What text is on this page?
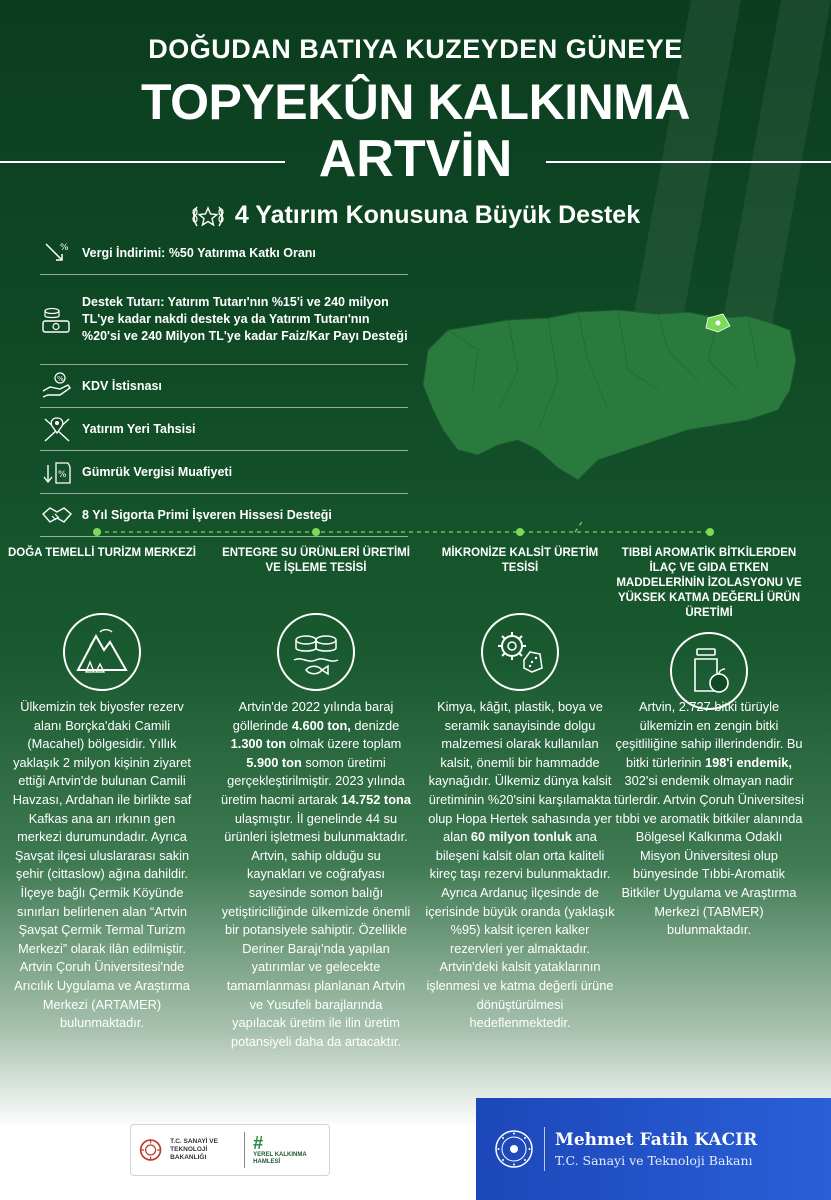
DOĞUDAN BATIYA KUZEYDEN GÜNEYE
TOPYEKÛN KALKINMA
ARTVİN
4 Yatırım Konusuna Büyük Destek
% Vergi İndirimi: %50 Yatırıma Katkı Oranı
Destek Tutarı: Yatırım Tutarı'nın %15'i ve 240 milyon TL'ye kadar nakdi destek ya da Yatırım Tutarı'nın %20'si ve 240 Milyon TL'ye kadar Faiz/Kar Payı Desteği
% KDV İstisnası
Yatırım Yeri Tahsisi
% Gümrük Vergisi Muafiyeti
8 Yıl Sigorta Primi İşveren Hissesi Desteği
DOĞA TEMELLİ TURİZM MERKEZİ
Ülkemizin tek biyosfer rezerv alanı Borçka'daki Camili (Macahel) bölgesidir. Yıllık yaklaşık 2 milyon kişinin ziyaret ettiği Artvin'de bulunan Camili Havzası, Ardahan ile birlikte saf Kafkas ana arı ırkının gen merkezi durumundadır. Ayrıca Şavşat ilçesi uluslararası sakin şehir (cittaslow) ağına dahildir. İlçeye bağlı Çermik Köyünde sınırları belirlenen alan “Artvin Şavşat Çermik Termal Turizm Merkezi” olarak ilân edilmiştir. Artvin Çoruh Üniversitesi'nde Arıcılık Uygulama ve Araştırma Merkezi (ARTAMER) bulunmaktadır.
ENTEGRE SU ÜRÜNLERİ ÜRETİMİ VE İŞLEME TESİSİ
Artvin'de 2022 yılında baraj göllerinde 4.600 ton, denizde 1.300 ton olmak üzere toplam 5.900 ton somon üretimi gerçekleştirilmiştir. 2023 yılında üretim hacmi artarak 14.752 tona ulaşmıştır. İl genelinde 44 su ürünleri işletmesi bulunmaktadır. Artvin, sahip olduğu su kaynakları ve coğrafyası sayesinde somon balığı yetiştiriciliğinde ülkemizde önemli bir potansiyele sahiptir. Özellikle Deriner Barajı'nda yapılan yatırımlar ve gelecekte tamamlanması planlanan Artvin ve Yusufeli barajlarında yapılacak üretim ile ilin üretim potansiyeli daha da artacaktır.
MİKRONİZE KALSİT ÜRETİM TESİSİ
Kimya, kâğıt, plastik, boya ve seramik sanayisinde dolgu malzemesi olarak kullanılan kalsit, önemli bir hammadde kaynağıdır. Ülkemiz dünya kalsit üretiminin %20'sini karşılamakta olup Hopa Hertek sahasında yer alan 60 milyon tonluk ana bileşeni kalsit olan orta kaliteli kireç taşı rezervi bulunmaktadır. Ayrıca Ardanuç ilçesinde de içerisinde büyük oranda (yaklaşık %95) kalsit içeren kalker rezervleri yer almaktadır. Artvin'deki kalsit yataklarının işlenmesi ve katma değerli ürüne dönüştürülmesi hedeflenmektedir.
TIBBİ AROMATİK BİTKİLERDEN İLAÇ VE GIDA ETKEN MADDELERİNİN İZOLASYONU VE YÜKSEK KATMA DEĞERLİ ÜRÜN ÜRETİMİ
Artvin, 2.727 bitki türüyle ülkemizin en zengin bitki çeşitliliğine sahip illerindendir. Bu bitki türlerinin 198'i endemik, 302'si endemik olmayan nadir türlerdir. Artvin Çoruh Üniversitesi tıbbi ve aromatik bitkiler alanında Bölgesel Kalkınma Odaklı Misyon Üniversitesi olup bünyesinde Tıbbi-Aromatik Bitkiler Uygulama ve Araştırma Merkezi (TABMER) bulunmaktadır.
T.C. SANAYİ VE TEKNOLOJİ BAKANLIĞI
#
YEREL KALKINMA HAMLESİ
Mehmet Fatih KACIR
T.C. Sanayi ve Teknoloji Bakanı
